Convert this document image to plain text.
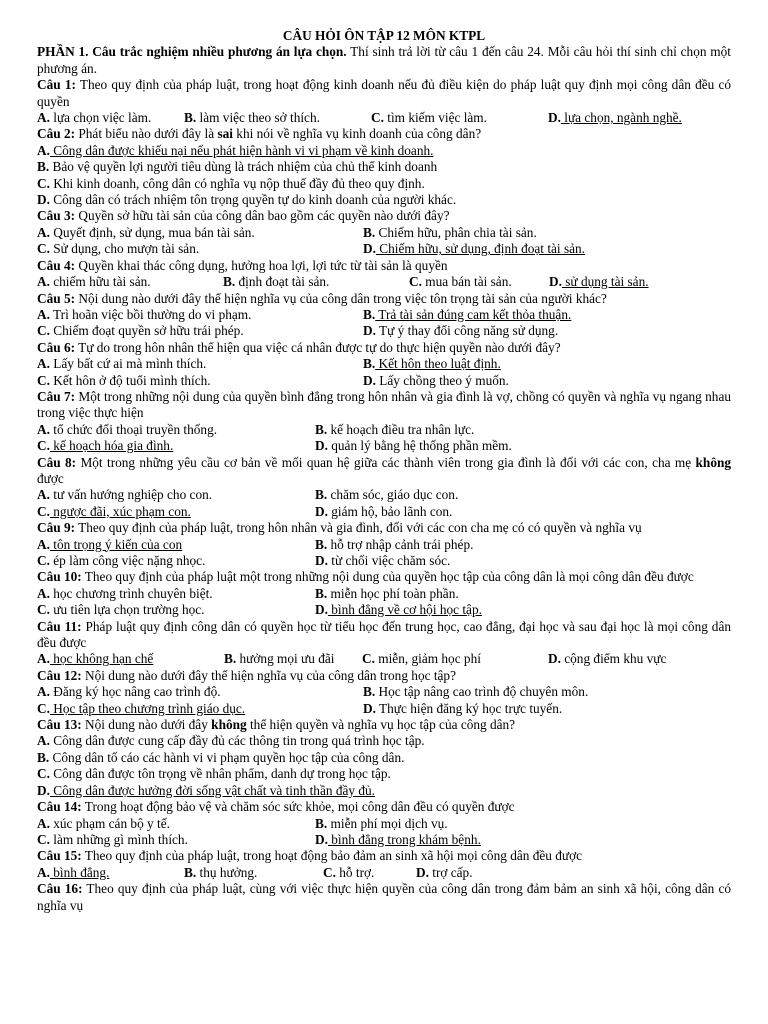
CÂU HỎI ÔN TẬP 12 MÔN KTPL
PHẦN 1. Câu trắc nghiệm nhiều phương án lựa chọn. Thí sinh trả lời từ câu 1 đến câu 24. Mỗi câu hỏi thí sinh chỉ chọn một phương án.
Câu 1: Theo quy định của pháp luật, trong hoạt động kinh doanh nếu đủ điều kiện do pháp luật quy định mọi công dân đều có quyền
A. lựa chọn việc làm.	B. làm việc theo sở thích.	C. tìm kiếm việc làm.	D. lựa chọn, ngành nghề.
Câu 2: Phát biểu nào dưới đây là sai khi nói về nghĩa vụ kinh doanh của công dân?
A. Công dân được khiếu nại nếu phát hiện hành vi vi phạm về kinh doanh.
B. Bảo vệ quyền lợi người tiêu dùng là trách nhiệm của chủ thể kinh doanh
C. Khi kinh doanh, công dân có nghĩa vụ nộp thuế đầy đủ theo quy định.
D. Công dân có trách nhiệm tôn trọng quyền tự do kinh doanh của người khác.
Câu 3: Quyền sở hữu tài sản của công dân bao gồm các quyền nào dưới đây?
A. Quyết định, sử dụng, mua bán tài sản.	B. Chiếm hữu, phân chia tài sản.
C. Sử dụng, cho mượn tài sản.	D. Chiếm hữu, sử dụng, định đoạt tài sản.
Câu 4: Quyền khai thác công dụng, hưởng hoa lợi, lợi tức từ tài sản là quyền
A. chiếm hữu tài sản.	B. định đoạt tài sản.	C. mua bán tài sản.	D. sử dụng tài sản.
Câu 5: Nội dung nào dưới đây thể hiện nghĩa vụ của công dân trong việc tôn trọng tài sản của người khác?
A. Trì hoãn việc bồi thường do vi phạm.	B. Trả tài sản đúng cam kết thỏa thuận.
C. Chiếm đoạt quyền sở hữu trái phép.	D. Tự ý thay đổi công năng sử dụng.
Câu 6: Tự do trong hôn nhân thể hiện qua việc cá nhân được tự do thực hiện quyền nào dưới đây?
A. Lấy bất cứ ai mà mình thích.	B. Kết hôn theo luật định.
C. Kết hôn ở độ tuổi mình thích.	D. Lấy chồng theo ý muốn.
Câu 7: Một trong những nội dung của quyền bình đẳng trong hôn nhân và gia đình là vợ, chồng có quyền và nghĩa vụ ngang nhau trong việc thực hiện
A. tổ chức đối thoại truyền thống.	B. kế hoạch điều tra nhân lực.
C. kế hoạch hóa gia đình.	D. quản lý bằng hệ thống phần mềm.
Câu 8: Một trong những yêu cầu cơ bản về mối quan hệ giữa các thành viên trong gia đình là đối với các con, cha mẹ không được
A. tư vấn hướng nghiệp cho con.	B. chăm sóc, giáo dục con.
C. ngược đãi, xúc phạm con.	D. giám hộ, bảo lãnh con.
Câu 9: Theo quy định của pháp luật, trong hôn nhân và gia đình, đối với các con cha mẹ có có quyền và nghĩa vụ
A. tôn trọng ý kiến của con	B. hỗ trợ nhập cảnh trái phép.
C. ép làm công việc nặng nhọc.	D. từ chối việc chăm sóc.
Câu 10: Theo quy định của pháp luật một trong những nội dung của quyền học tập của công dân là mọi công dân đều được
A. học chương trình chuyên biệt.	B. miễn học phí toàn phần.
C. ưu tiên lựa chọn trường học.	D. bình đẳng về cơ hội học tập.
Câu 11: Pháp luật quy định công dân có quyền học từ tiểu học đến trung học, cao đẳng, đại học và sau đại học là mọi công dân đều được
A. học không hạn chế	B. hưởng mọi ưu đãi	C. miễn, giảm học phí	D. cộng điểm khu vực
Câu 12: Nội dung nào dưới đây thể hiện nghĩa vụ của công dân trong học tập?
A. Đăng ký học nâng cao trình độ.	B. Học tập nâng cao trình độ chuyên môn.
C. Học tập theo chương trình giáo dục.	D. Thực hiện đăng ký học trực tuyến.
Câu 13: Nội dung nào dưới đây không thể hiện quyền và nghĩa vụ học tập của công dân?
A. Công dân được cung cấp đầy đủ các thông tin trong quá trình học tập.
B. Công dân tố cáo các hành vi vi phạm quyền học tập của công dân.
C. Công dân được tôn trọng về nhân phẩm, danh dự trong học tập.
D. Công dân được hưởng đời sống vật chất và tinh thần đầy đủ.
Câu 14: Trong hoạt động bảo vệ và chăm sóc sức khỏe, mọi công dân đều có quyền được
A. xúc phạm cán bộ y tế.	B. miễn phí mọi dịch vụ.
C. làm những gì mình thích.	D. bình đẳng trong khám bệnh.
Câu 15: Theo quy định của pháp luật, trong hoạt động bảo đảm an sinh xã hội mọi công dân đều được
A. bình đẳng.	B. thụ hưởng.	C. hỗ trợ.	D. trợ cấp.
Câu 16: Theo quy định của pháp luật, cùng với việc thực hiện quyền của công dân trong đảm bảm an sinh xã hội, công dân có nghĩa vụ
